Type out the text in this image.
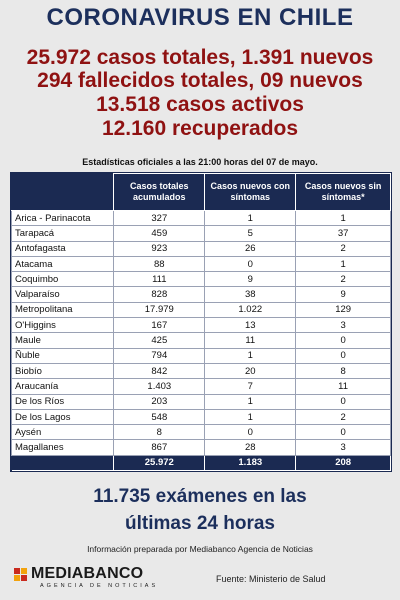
CORONAVIRUS EN CHILE
25.972 casos totales, 1.391 nuevos
294 fallecidos totales, 09 nuevos
13.518 casos activos
12.160 recuperados
Estadísticas oficiales a las 21:00 horas del 07 de mayo.
	Casos totales acumulados	Casos nuevos con síntomas	Casos nuevos sin síntomas*
Arica - Parinacota	327	1	1
Tarapacá	459	5	37
Antofagasta	923	26	2
Atacama	88	0	1
Coquimbo	111	9	2
Valparaíso	828	38	9
Metropolitana	17.979	1.022	129
O'Higgins	167	13	3
Maule	425	11	0
Ñuble	794	1	0
Biobío	842	20	8
Araucanía	1.403	7	11
De los Ríos	203	1	0
De los Lagos	548	1	2
Aysén	8	0	0
Magallanes	867	28	3
	25.972	1.183	208
11.735 exámenes en las
últimas 24 horas
Información preparada por Mediabanco Agencia de Noticias
MEDIABANCO
AGENCIA DE NOTICIAS
Fuente: Ministerio de Salud
